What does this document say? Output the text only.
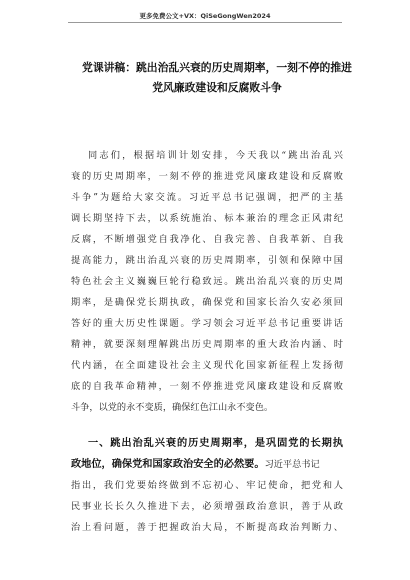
更多免费公文+VX：QiSeGongWen2024
党课讲稿：跳出治乱兴衰的历史周期率，一刻不停的推进
党风廉政建设和反腐败斗争
同志们，根据培训计划安排，今天我以“跳出治乱兴
衰的历史周期率，一刻不停的推进党风廉政建设和反腐败
斗争”为题给大家交流。习近平总书记强调，把严的主基
调长期坚持下去，以系统施治、标本兼治的理念正风肃纪
反腐，不断增强党自我净化、自我完善、自我革新、自我
提高能力，跳出治乱兴衰的历史周期率，引领和保障中国
特色社会主义巍巍巨轮行稳致远。跳出治乱兴衰的历史周
期率，是确保党长期执政，确保党和国家长治久安必须回
答好的重大历史性课题。学习领会习近平总书记重要讲话
精神，就要深刻理解跳出历史周期率的重大政治内涵、时
代内涵，在全面建设社会主义现代化国家新征程上发扬彻
底的自我革命精神，一刻不停推进党风廉政建设和反腐败
斗争，以党的永不变质，确保红色江山永不变色。
一、跳出治乱兴衰的历史周期率，是巩固党的长期执
政地位，确保党和国家政治安全的必然要。习近平总书记
指出，我们党要始终做到不忘初心、牢记使命，把党和人
民事业长长久久推进下去，必须增强政治意识，善于从政
治上看问题，善于把握政治大局，不断提高政治判断力、
